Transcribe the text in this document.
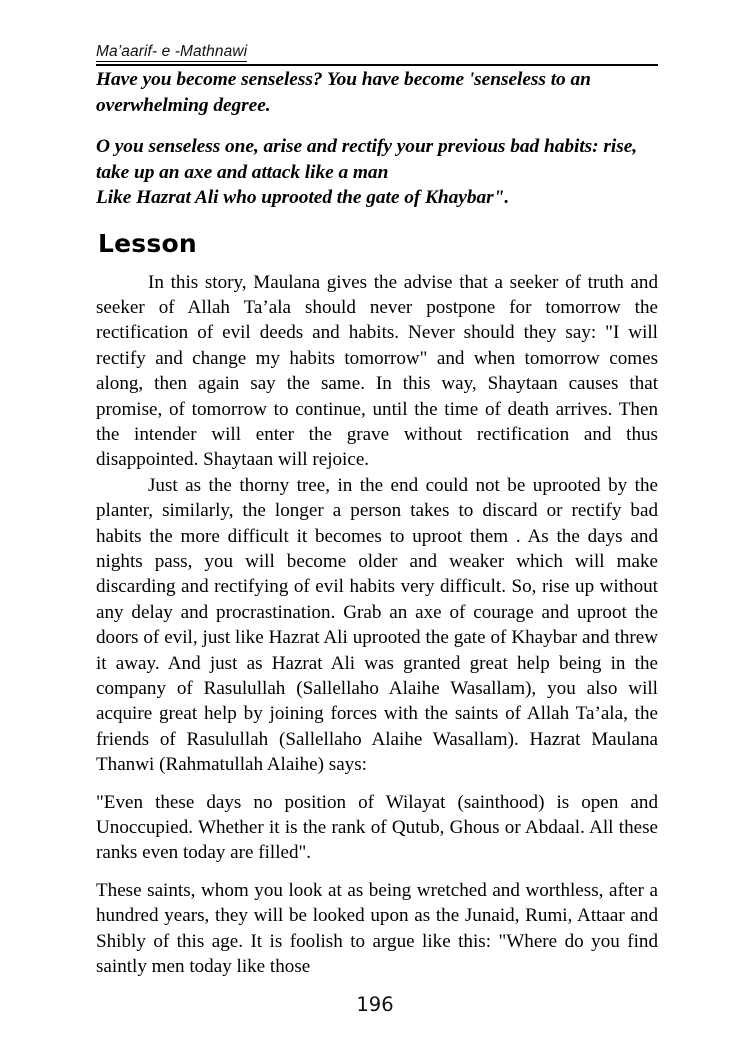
Ma’aarif- e -Mathnawi

Have you become senseless? You have become 'senseless to an overwhelming degree.

O you senseless one, arise and rectify your previous bad habits: rise, take up an axe and attack like a man

Like Hazrat Ali who uprooted the gate of Khaybar".

Lesson

In this story, Maulana gives the advise that a seeker of truth and seeker of Allah Ta’ala should never postpone for tomorrow the rectification of evil deeds and habits. Never should they say: "I will rectify and change my habits tomorrow" and when tomorrow comes along, then again say the same. In this way, Shaytaan causes that promise, of tomorrow to continue, until the time of death arrives. Then the intender will enter the grave without rectification and thus disappointed. Shaytaan will rejoice.

Just as the thorny tree, in the end could not be uprooted by the planter, similarly, the longer a person takes to discard or rectify bad habits the more difficult it becomes to uproot them . As the days and nights pass, you will become older and weaker which will make discarding and rectifying of evil habits very difficult. So, rise up without any delay and procrastination. Grab an axe of courage and uproot the doors of evil, just like Hazrat Ali uprooted the gate of Khaybar and threw it away. And just as Hazrat Ali was granted great help being in the company of Rasulullah (Sallellaho Alaihe Wasallam), you also will acquire great help by joining forces with the saints of Allah Ta’ala, the friends of Rasulullah (Sallellaho Alaihe Wasallam). Hazrat Maulana Thanwi (Rahmatullah Alaihe) says:

"Even these days no position of Wilayat (sainthood) is open and Unoccupied. Whether it is the rank of Qutub, Ghous or Abdaal. All these ranks even today are filled".

These saints, whom you look at as being wretched and worthless, after a hundred years, they will be looked upon as the Junaid, Rumi, Attaar and Shibly of this age. It is foolish to argue like this: "Where do you find saintly men today like those

196
